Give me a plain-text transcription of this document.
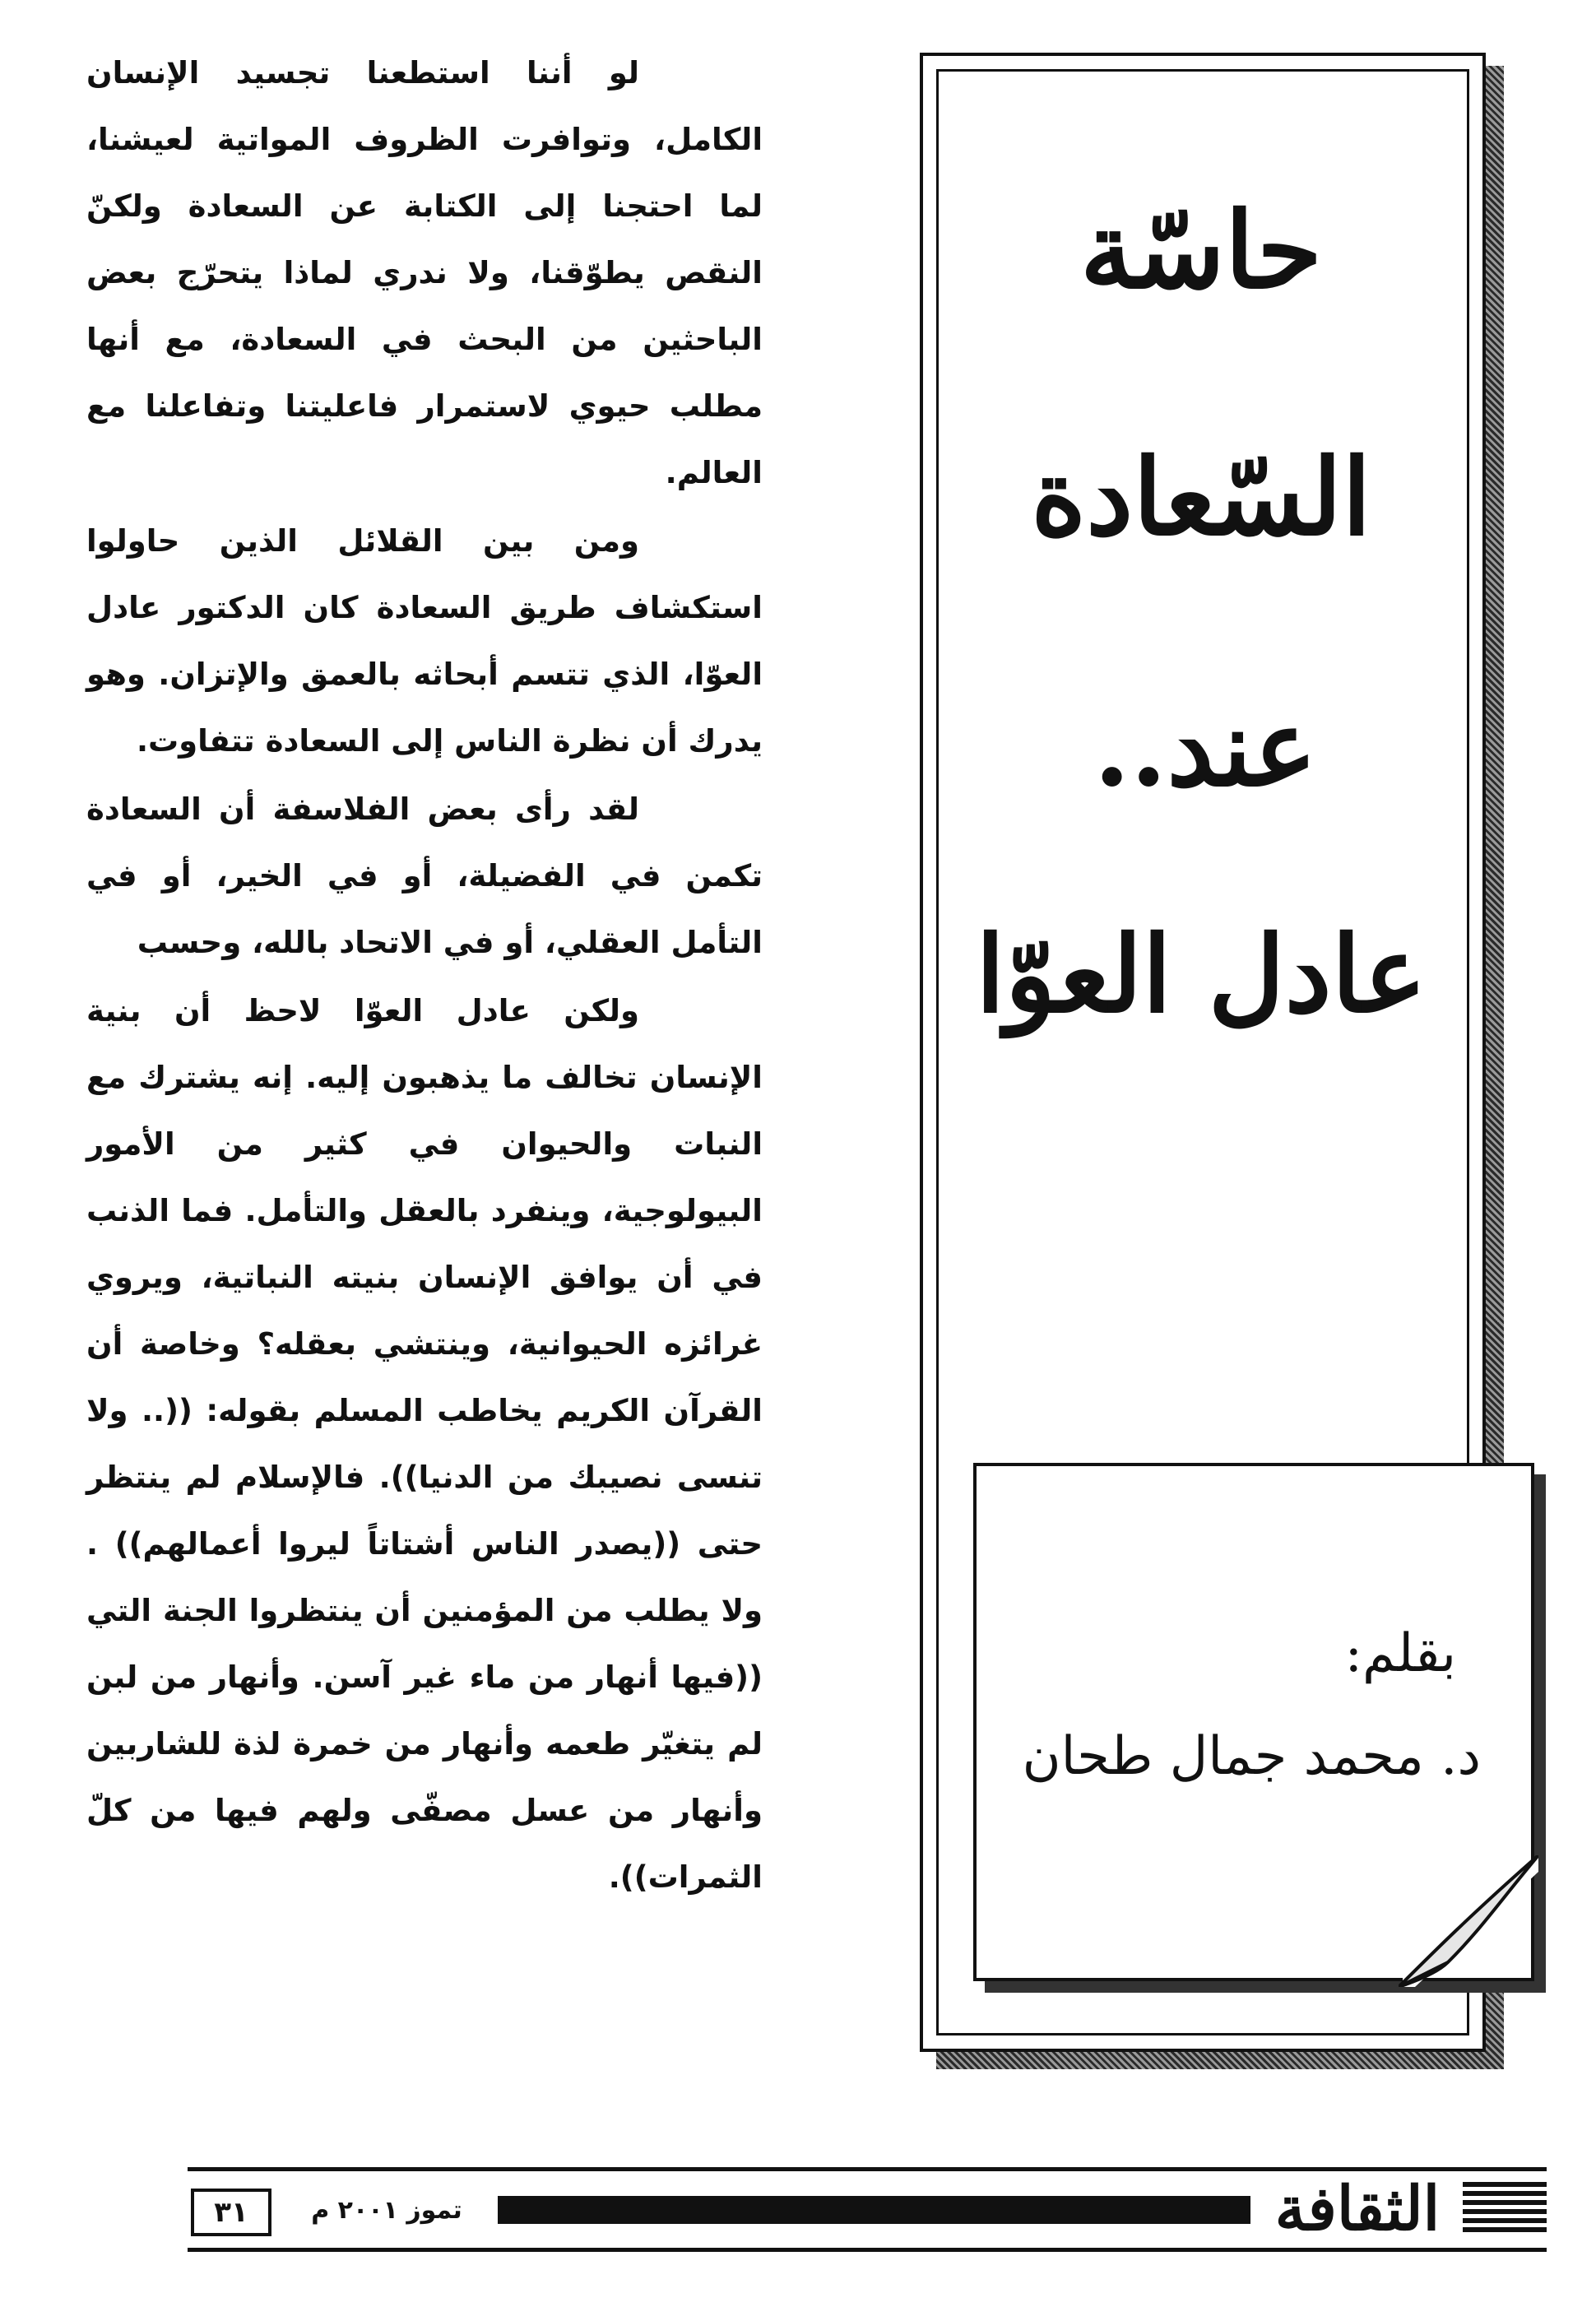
لو أننا استطعنا تجسيد الإنسان الكامل، وتوافرت الظروف المواتية لعيشنا، لما احتجنا إلى الكتابة عن السعادة ولكنّ النقص يطوّقنا، ولا ندري لماذا يتحرّج بعض الباحثين من البحث في السعادة، مع أنها مطلب حيوي لاستمرار فاعليتنا وتفاعلنا مع العالم.

ومن بين القلائل الذين حاولوا استكشاف طريق السعادة كان الدكتور عادل العوّا، الذي تتسم أبحاثه بالعمق والإتزان. وهو يدرك أن نظرة الناس إلى السعادة تتفاوت.

لقد رأى بعض الفلاسفة أن السعادة تكمن في الفضيلة، أو في الخير، أو في التأمل العقلي، أو في الاتحاد بالله، وحسب

ولكن عادل العوّا لاحظ أن بنية الإنسان تخالف ما يذهبون إليه. إنه يشترك مع النبات والحيوان في كثير من الأمور البيولوجية، وينفرد بالعقل والتأمل. فما الذنب في أن يوافق الإنسان بنيته النباتية، ويروي غرائزه الحيوانية، وينتشي بعقله؟ وخاصة أن القرآن الكريم يخاطب المسلم بقوله: ((.. ولا تنسى نصيبك من الدنيا)). فالإسلام لم ينتظر حتى ((يصدر الناس أشتاتاً ليروا أعمالهم)) . ولا يطلب من المؤمنين أن ينتظروا الجنة التي ((فيها أنهار من ماء غير آسن. وأنهار من لبن لم يتغيّر طعمه وأنهار من خمرة لذة للشاربين وأنهار من عسل مصفّى ولهم فيها من كلّ الثمرات)).

حاسّة
السّعادة
عند..
عادل العوّا
بقلم:
د. محمد جمال طحان
٣١	تموز ٢٠٠١ م	الثقافة
